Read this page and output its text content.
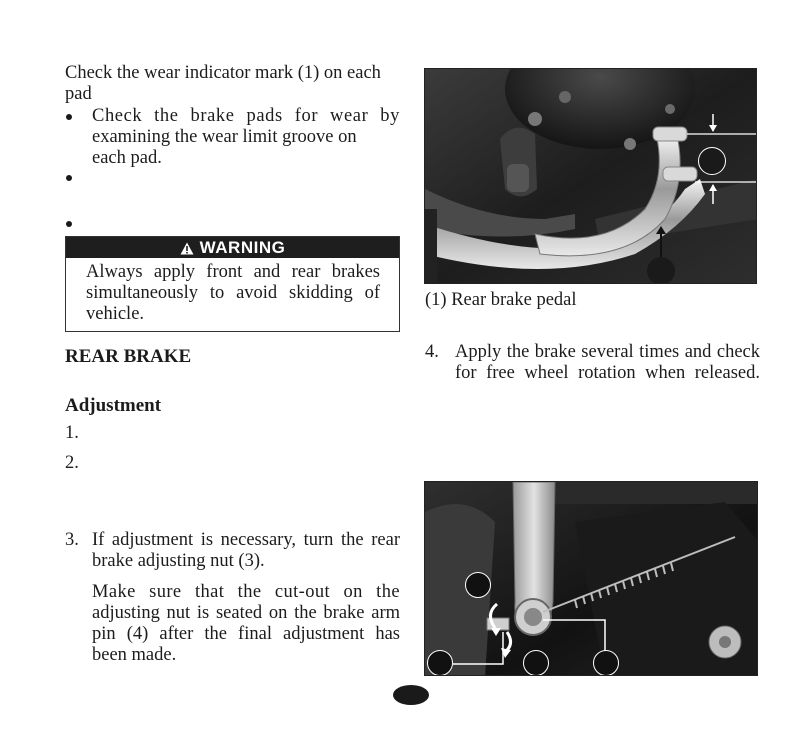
Check the wear indicator mark (1) on each
pad
Check the brake pads for wear by
examining the wear limit groove on
each pad.
WARNING
Always apply front and rear brakes
simultaneously to avoid skidding of
vehicle.
REAR BRAKE
Adjustment
1.
2.
3. If adjustment is necessary, turn the rear
brake adjusting nut (3).
Make sure that the cut-out on the
adjusting nut is seated on the brake arm
pin (4) after the final adjustment has
been made.
(1) Rear brake pedal
4. Apply the brake several times and check
for free wheel rotation when released.
